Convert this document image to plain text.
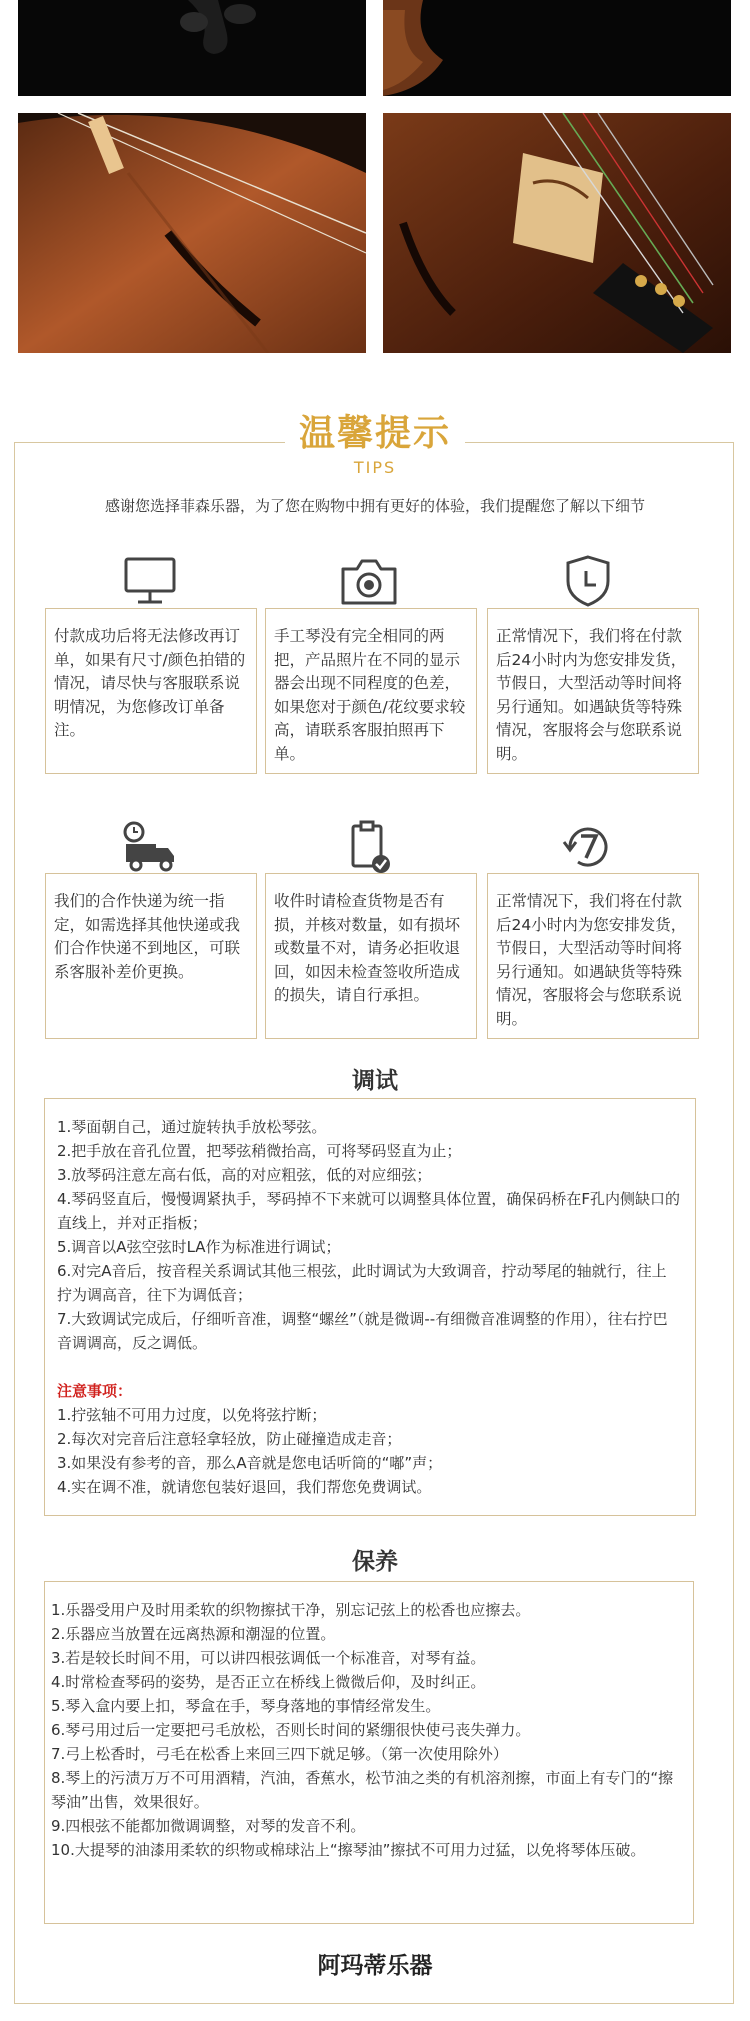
温馨提示
TIPS
感谢您选择菲森乐器，为了您在购物中拥有更好的体验，我们提醒您了解以下细节
付款成功后将无法修改再订单，如果有尺寸/颜色拍错的情况，请尽快与客服联系说明情况，为您修改订单备注。
手工琴没有完全相同的两把，产品照片在不同的显示器会出现不同程度的色差，如果您对于颜色/花纹要求较高，请联系客服拍照再下单。
正常情况下，我们将在付款后24小时内为您安排发货，节假日，大型活动等时间将另行通知。如遇缺货等特殊情况，客服将会与您联系说明。
我们的合作快递为统一指定，如需选择其他快递或我们合作快递不到地区，可联系客服补差价更换。
收件时请检查货物是否有损，并核对数量，如有损坏或数量不对，请务必拒收退回，如因未检查签收所造成的损失，请自行承担。
正常情况下，我们将在付款后24小时内为您安排发货，节假日，大型活动等时间将另行通知。如遇缺货等特殊情况，客服将会与您联系说明。
调试

1.琴面朝自己，通过旋转执手放松琴弦。

2.把手放在音孔位置，把琴弦稍微抬高，可将琴码竖直为止；

3.放琴码注意左高右低，高的对应粗弦，低的对应细弦；

4.琴码竖直后，慢慢调紧执手，琴码掉不下来就可以调整具体位置，确保码桥在F孔内侧缺口的直线上，并对正指板；

5.调音以A弦空弦时LA作为标准进行调试；

6.对完A音后，按音程关系调试其他三根弦，此时调试为大致调音，拧动琴尾的轴就行，往上拧为调高音，往下为调低音；

7.大致调试完成后，仔细听音准，调整“螺丝”（就是微调--有细微音准调整的作用），往右拧巴音调调高，反之调低。

注意事项：

1.拧弦轴不可用力过度，以免将弦拧断；

2.每次对完音后注意轻拿轻放，防止碰撞造成走音；

3.如果没有参考的音，那么A音就是您电话听筒的“嘟”声；

4.实在调不准，就请您包装好退回，我们帮您免费调试。

保养

1.乐器受用户及时用柔软的织物擦拭干净，别忘记弦上的松香也应擦去。

2.乐器应当放置在远离热源和潮湿的位置。

3.若是较长时间不用，可以讲四根弦调低一个标准音，对琴有益。

4.时常检查琴码的姿势，是否正立在桥线上微微后仰，及时纠正。

5.琴入盒内要上扣，琴盒在手，琴身落地的事情经常发生。

6.琴弓用过后一定要把弓毛放松，否则长时间的紧绷很快使弓丧失弹力。

7.弓上松香时，弓毛在松香上来回三四下就足够。（第一次使用除外）

8.琴上的污渍万万不可用酒精，汽油，香蕉水，松节油之类的有机溶剂擦，市面上有专门的“擦琴油”出售，效果很好。

9.四根弦不能都加微调调整，对琴的发音不利。

10.大提琴的油漆用柔软的织物或棉球沾上“擦琴油”擦拭不可用力过猛，以免将琴体压破。

阿玛蒂乐器
